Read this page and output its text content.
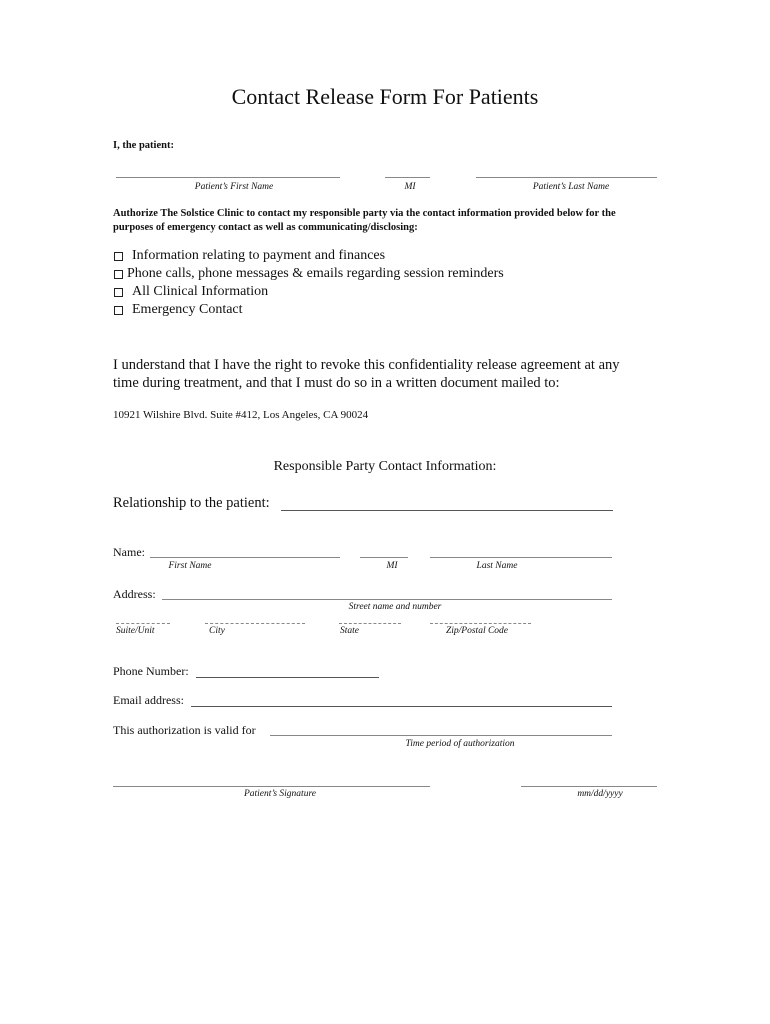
Contact Release Form For Patients
I, the patient:
Patient’s First Name	MI	Patient’s Last Name
Authorize The Solstice Clinic to contact my responsible party via the contact information provided below for the
purposes of emergency contact as well as communicating/disclosing:
Information relating to payment and finances
Phone calls, phone messages & emails regarding session reminders
All Clinical Information
Emergency Contact
I understand that I have the right to revoke this confidentiality release agreement at any
time during treatment, and that I must do so in a written document mailed to:
10921 Wilshire Blvd. Suite #412, Los Angeles, CA 90024
Responsible Party Contact Information:
Relationship to the patient:
Name:
First Name	MI	Last Name
Address:
Street name and number
Suite/Unit	City	State	Zip/Postal Code
Phone Number:
Email address:
This authorization is valid for
Time period of authorization
Patient’s Signature	mm/dd/yyyy
